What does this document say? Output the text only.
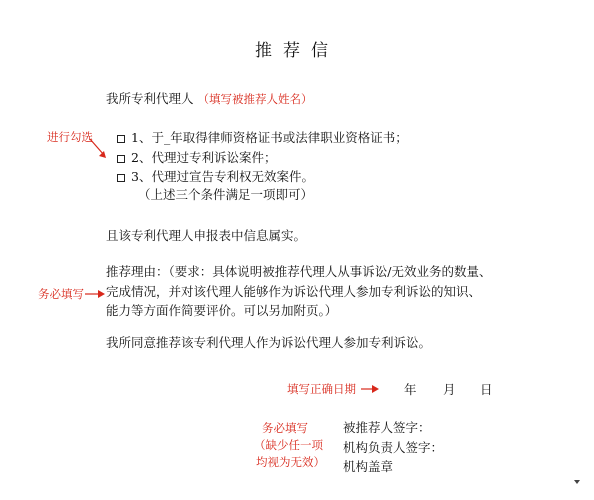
推荐信
我所专利代理人 （填写被推荐人姓名）
进行勾选	1、于_年取得律师资格证书或法律职业资格证书；
2、代理过专利诉讼案件；
3、代理过宣告专利权无效案件。
（上述三个条件满足一项即可）
且该专利代理人申报表中信息属实。
务必填写
推荐理由：（要求：具体说明被推荐代理人从事诉讼/无效业务的数量、
完成情况，并对该代理人能够作为诉讼代理人参加专利诉讼的知识、
能力等方面作简要评价。可以另加附页。）
我所同意推荐该专利代理人作为诉讼代理人参加专利诉讼。
填写正确日期	年 月 日
务必填写
（缺少任一项
均视为无效）
被推荐人签字：
机构负责人签字：
机构盖章
